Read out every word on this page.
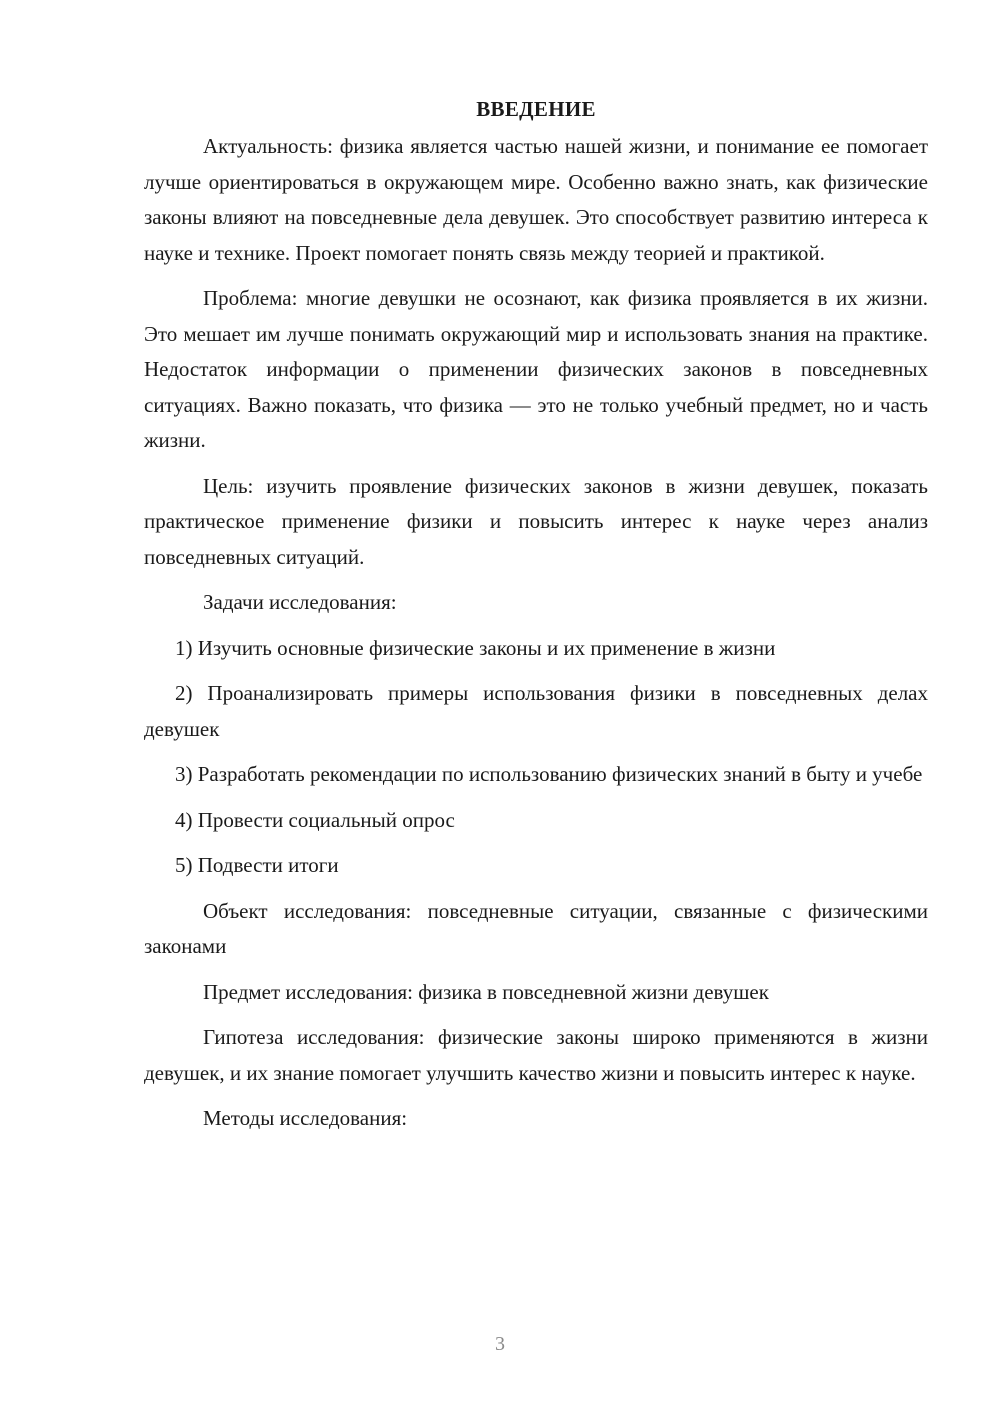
ВВЕДЕНИЕ

Актуальность: физика является частью нашей жизни, и понимание ее помогает лучше ориентироваться в окружающем мире. Особенно важно знать, как физические законы влияют на повседневные дела девушек. Это способствует развитию интереса к науке и технике. Проект помогает понять связь между теорией и практикой.

Проблема: многие девушки не осознают, как физика проявляется в их жизни. Это мешает им лучше понимать окружающий мир и использовать знания на практике. Недостаток информации о применении физических законов в повседневных ситуациях. Важно показать, что физика — это не только учебный предмет, но и часть жизни.

Цель: изучить проявление физических законов в жизни девушек, показать практическое применение физики и повысить интерес к науке через анализ повседневных ситуаций.

Задачи исследования:

1) Изучить основные физические законы и их применение в жизни

2) Проанализировать примеры использования физики в повседневных делах девушек

3) Разработать рекомендации по использованию физических знаний в быту и учебе

4) Провести социальный опрос

5) Подвести итоги

Объект исследования: повседневные ситуации, связанные с физическими законами

Предмет исследования: физика в повседневной жизни девушек

Гипотеза исследования: физические законы широко применяются в жизни девушек, и их знание помогает улучшить качество жизни и повысить интерес к науке.

Методы исследования:

3
